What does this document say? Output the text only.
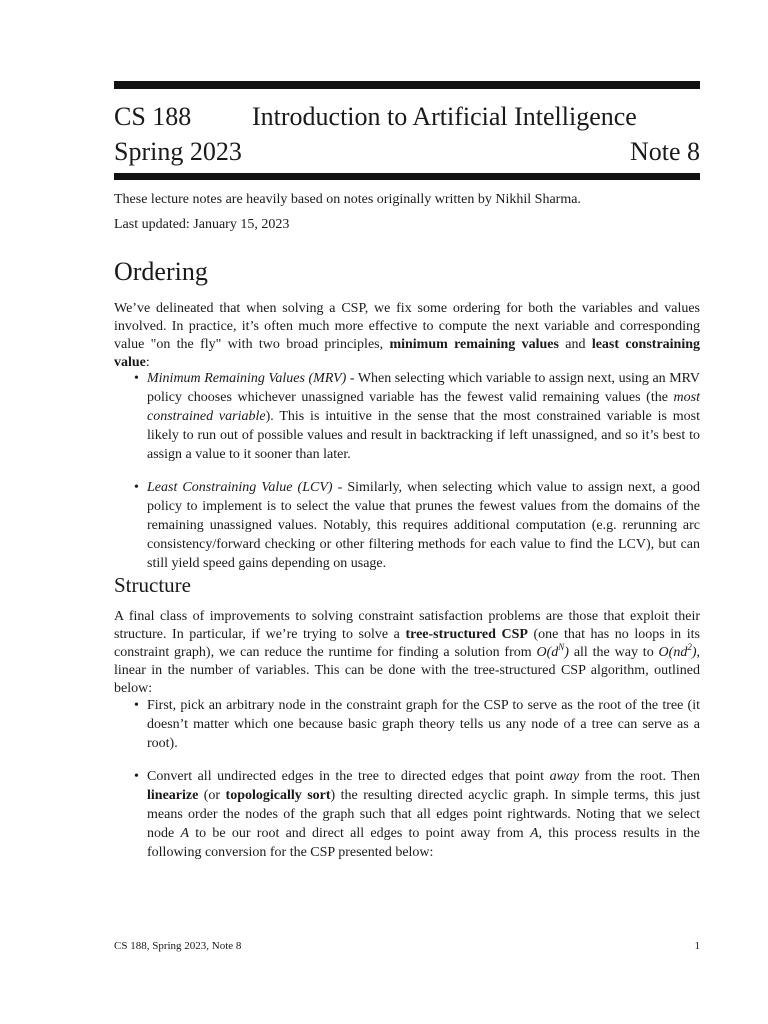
CS 188 Introduction to Artificial Intelligence
Spring 2023	Note 8

These lecture notes are heavily based on notes originally written by Nikhil Sharma.

Last updated: January 15, 2023

Ordering

We’ve delineated that when solving a CSP, we fix some ordering for both the variables and values involved. In practice, it’s often much more effective to compute the next variable and corresponding value "on the fly" with two broad principles, minimum remaining values and least constraining value:

• Minimum Remaining Values (MRV) - When selecting which variable to assign next, using an MRV policy chooses whichever unassigned variable has the fewest valid remaining values (the most constrained variable). This is intuitive in the sense that the most constrained variable is most likely to run out of possible values and result in backtracking if left unassigned, and so it’s best to assign a value to it sooner than later.
• Least Constraining Value (LCV) - Similarly, when selecting which value to assign next, a good policy to implement is to select the value that prunes the fewest values from the domains of the remaining unassigned values. Notably, this requires additional computation (e.g. rerunning arc consistency/forward checking or other filtering methods for each value to find the LCV), but can still yield speed gains depending on usage.
Structure

A final class of improvements to solving constraint satisfaction problems are those that exploit their structure. In particular, if we’re trying to solve a tree-structured CSP (one that has no loops in its constraint graph), we can reduce the runtime for finding a solution from $O(d^N)$ all the way to $O(nd^2)$, linear in the number of variables. This can be done with the tree-structured CSP algorithm, outlined below:

• First, pick an arbitrary node in the constraint graph for the CSP to serve as the root of the tree (it doesn’t matter which one because basic graph theory tells us any node of a tree can serve as a root).
• Convert all undirected edges in the tree to directed edges that point away from the root. Then linearize (or topologically sort) the resulting directed acyclic graph. In simple terms, this just means order the nodes of the graph such that all edges point rightwards. Noting that we select node A to be our root and direct all edges to point away from A, this process results in the following conversion for the CSP presented below:
CS 188, Spring 2023, Note 8	1
